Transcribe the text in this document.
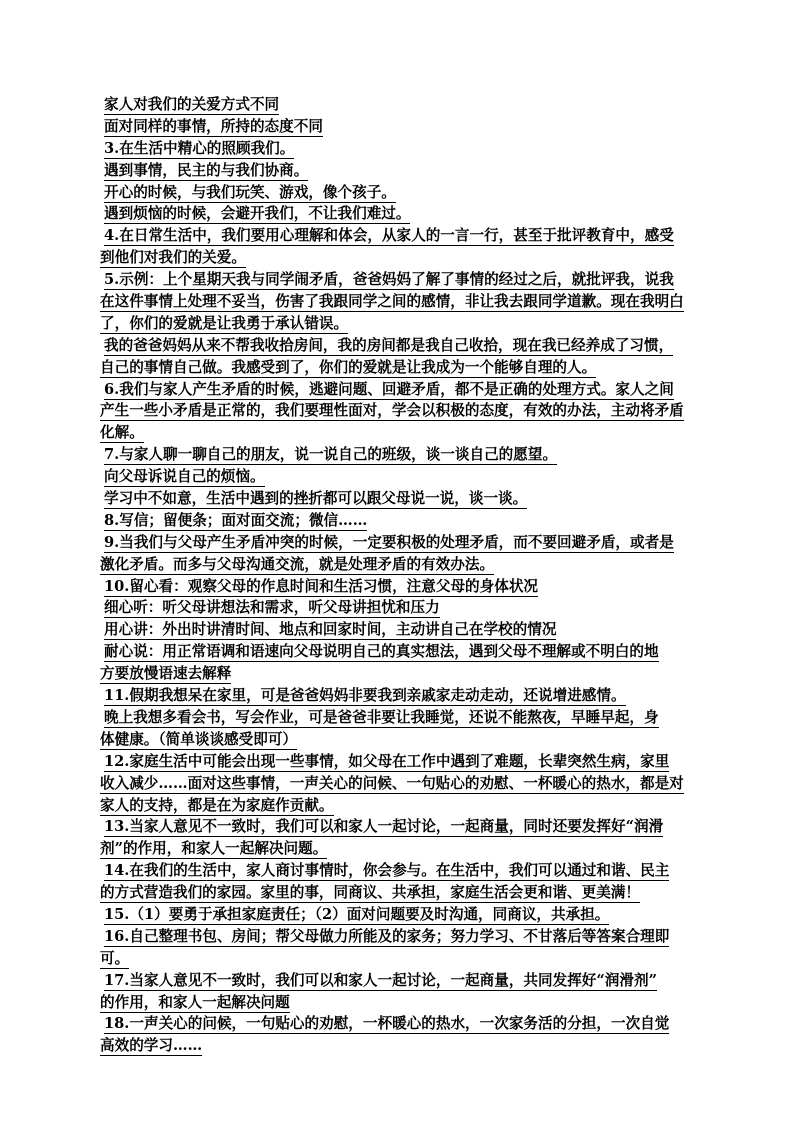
家人对我们的关爱方式不同
面对同样的事情，所持的态度不同
3.在生活中精心的照顾我们。
遇到事情，民主的与我们协商。
开心的时候，与我们玩笑、游戏，像个孩子。
遇到烦恼的时候，会避开我们，不让我们难过。
4.在日常生活中，我们要用心理解和体会，从家人的一言一行，甚至于批评教育中，感受
到他们对我们的关爱。
5.示例：上个星期天我与同学闹矛盾，爸爸妈妈了解了事情的经过之后，就批评我，说我
在这件事情上处理不妥当，伤害了我跟同学之间的感情，非让我去跟同学道歉。现在我明白
了，你们的爱就是让我勇于承认错误。
我的爸爸妈妈从来不帮我收拾房间，我的房间都是我自己收拾，现在我已经养成了习惯，
自己的事情自己做。我感受到了，你们的爱就是让我成为一个能够自理的人。
6.我们与家人产生矛盾的时候，逃避问题、回避矛盾，都不是正确的处理方式。家人之间
产生一些小矛盾是正常的，我们要理性面对，学会以积极的态度，有效的办法，主动将矛盾
化解。
7.与家人聊一聊自己的朋友，说一说自己的班级，谈一谈自己的愿望。
向父母诉说自己的烦恼。
学习中不如意，生活中遇到的挫折都可以跟父母说一说，谈一谈。
8.写信；留便条；面对面交流；微信……
9.当我们与父母产生矛盾冲突的时候，一定要积极的处理矛盾，而不要回避矛盾，或者是
激化矛盾。而多与父母沟通交流，就是处理矛盾的有效办法。
10.留心看：观察父母的作息时间和生活习惯，注意父母的身体状况
细心听：听父母讲想法和需求，听父母讲担忧和压力
用心讲：外出时讲清时间、地点和回家时间，主动讲自己在学校的情况
耐心说：用正常语调和语速向父母说明自己的真实想法，遇到父母不理解或不明白的地
方要放慢语速去解释
11.假期我想呆在家里，可是爸爸妈妈非要我到亲戚家走动走动，还说增进感情。
晚上我想多看会书，写会作业，可是爸爸非要让我睡觉，还说不能熬夜，早睡早起，身
体健康。（简单谈谈感受即可）
12.家庭生活中可能会出现一些事情，如父母在工作中遇到了难题，长辈突然生病，家里
收入减少……面对这些事情，一声关心的问候、一句贴心的劝慰、一杯暖心的热水，都是对
家人的支持，都是在为家庭作贡献。
13.当家人意见不一致时，我们可以和家人一起讨论，一起商量，同时还要发挥好“润滑
剂”的作用，和家人一起解决问题。
14.在我们的生活中，家人商讨事情时，你会参与。在生活中，我们可以通过和谐、民主
的方式营造我们的家园。家里的事，同商议、共承担，家庭生活会更和谐、更美满！
15.（1）要勇于承担家庭责任；（2）面对问题要及时沟通，同商议，共承担。
16.自己整理书包、房间；帮父母做力所能及的家务；努力学习、不甘落后等答案合理即
可。
17.当家人意见不一致时，我们可以和家人一起讨论，一起商量，共同发挥好“润滑剂”
的作用，和家人一起解决问题
18.一声关心的问候，一句贴心的劝慰，一杯暖心的热水，一次家务活的分担，一次自觉
高效的学习……
